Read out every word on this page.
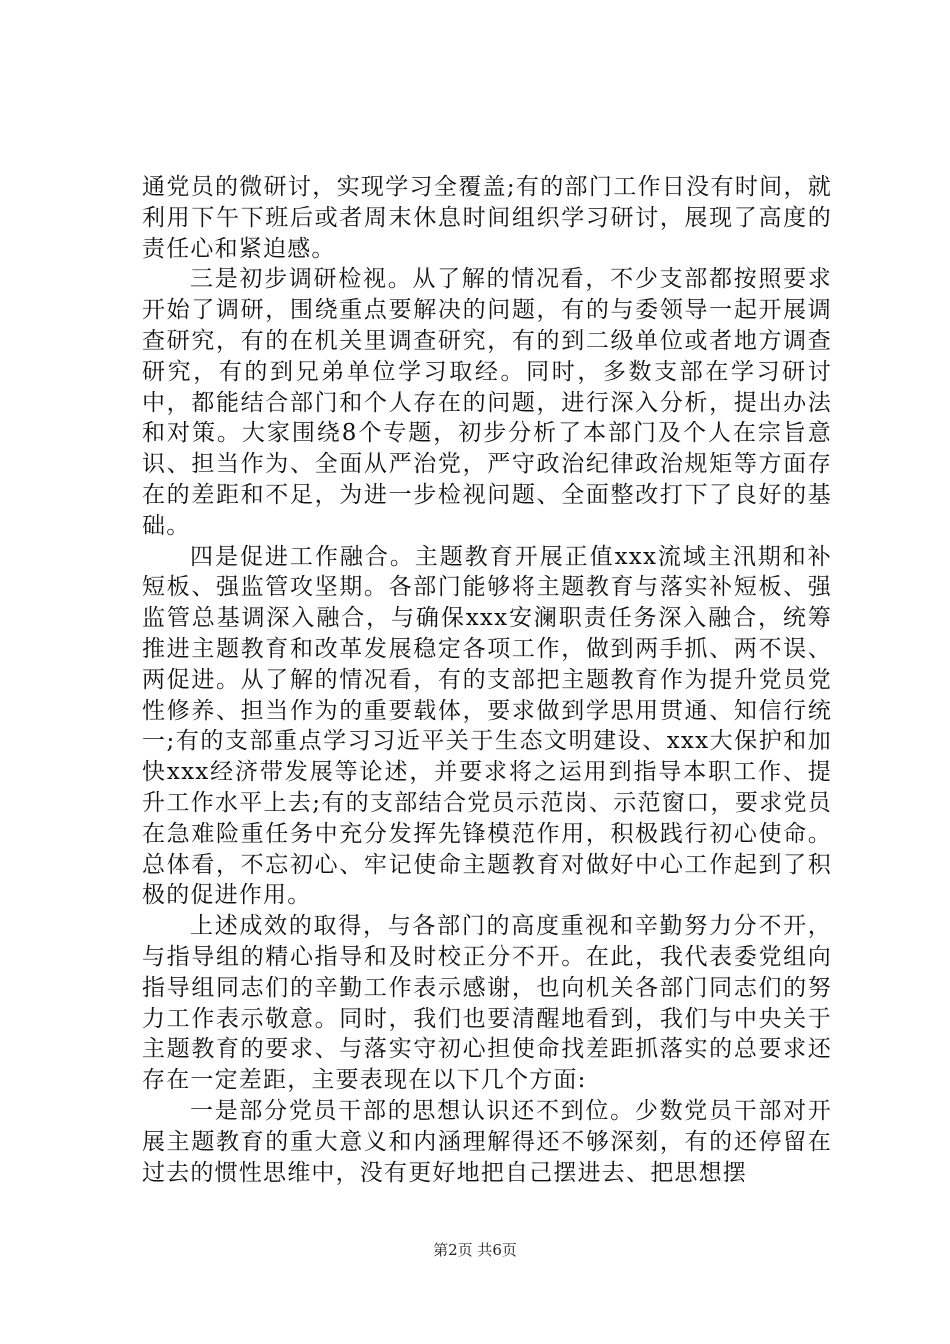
通党员的微研讨，实现学习全覆盖;有的部门工作日没有时间，就利用下午下班后或者周末休息时间组织学习研讨，展现了高度的责任心和紧迫感。

三是初步调研检视。从了解的情况看，不少支部都按照要求开始了调研，围绕重点要解决的问题，有的与委领导一起开展调查研究，有的在机关里调查研究，有的到二级单位或者地方调查研究，有的到兄弟单位学习取经。同时，多数支部在学习研讨中，都能结合部门和个人存在的问题，进行深入分析，提出办法和对策。大家围绕8个专题，初步分析了本部门及个人在宗旨意识、担当作为、全面从严治党，严守政治纪律政治规矩等方面存在的差距和不足，为进一步检视问题、全面整改打下了良好的基础。

四是促进工作融合。主题教育开展正值xxx流域主汛期和补短板、强监管攻坚期。各部门能够将主题教育与落实补短板、强监管总基调深入融合，与确保xxx安澜职责任务深入融合，统筹推进主题教育和改革发展稳定各项工作，做到两手抓、两不误、两促进。从了解的情况看，有的支部把主题教育作为提升党员党性修养、担当作为的重要载体，要求做到学思用贯通、知信行统一;有的支部重点学习习近平关于生态文明建设、xxx大保护和加快xxx经济带发展等论述，并要求将之运用到指导本职工作、提升工作水平上去;有的支部结合党员示范岗、示范窗口，要求党员在急难险重任务中充分发挥先锋模范作用，积极践行初心使命。总体看，不忘初心、牢记使命主题教育对做好中心工作起到了积极的促进作用。

上述成效的取得，与各部门的高度重视和辛勤努力分不开，与指导组的精心指导和及时校正分不开。在此，我代表委党组向指导组同志们的辛勤工作表示感谢，也向机关各部门同志们的努力工作表示敬意。同时，我们也要清醒地看到，我们与中央关于主题教育的要求、与落实守初心担使命找差距抓落实的总要求还存在一定差距，主要表现在以下几个方面:

一是部分党员干部的思想认识还不到位。少数党员干部对开展主题教育的重大意义和内涵理解得还不够深刻，有的还停留在过去的惯性思维中，没有更好地把自己摆进去、把思想摆

第2页 共6页
